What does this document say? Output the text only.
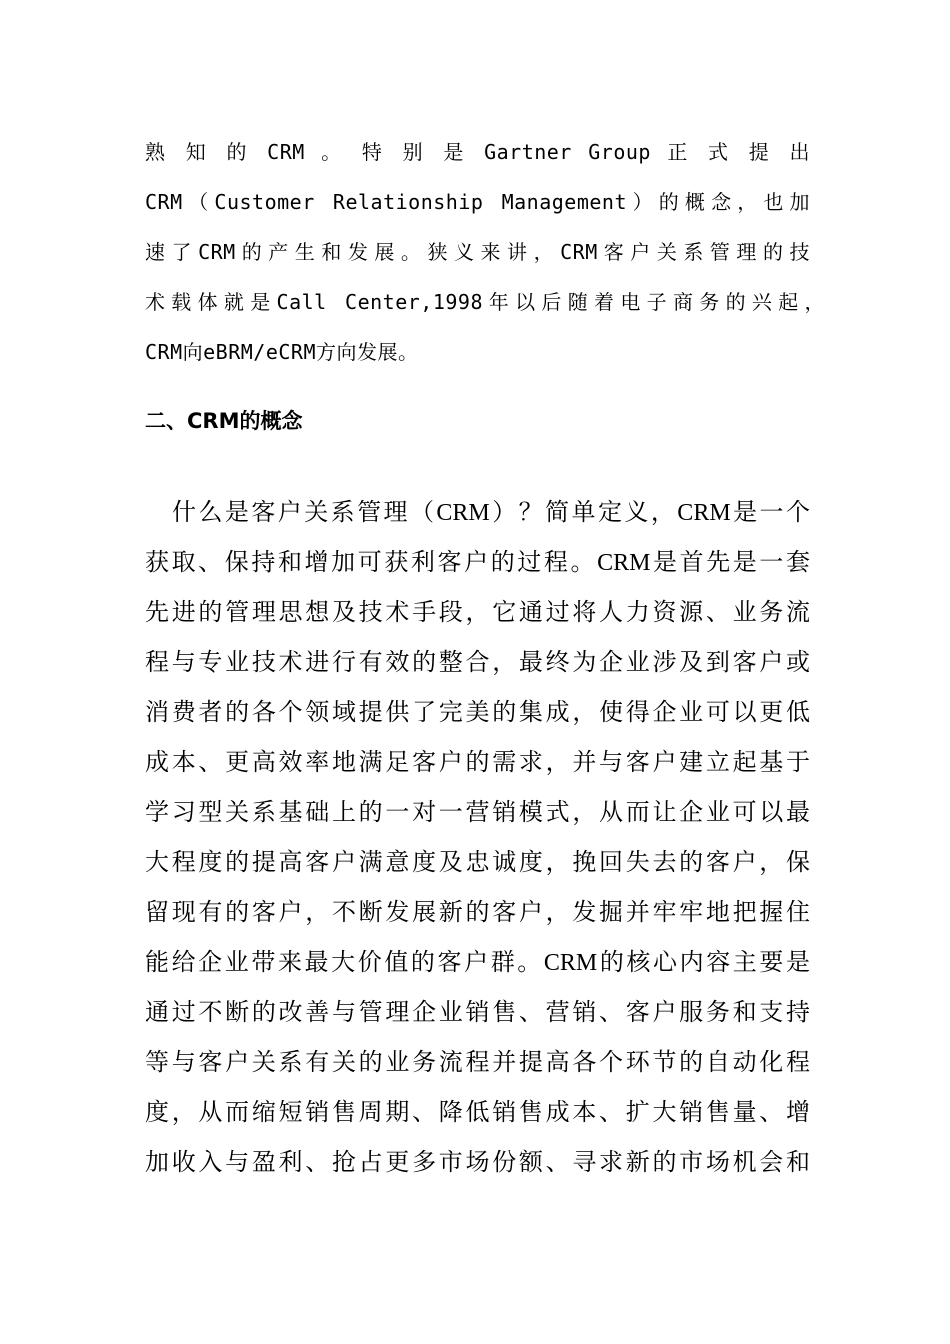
熟 知 的 CRM 。 特 别 是 Gartner Group 正 式 提 出
CRM（Customer Relationship Management）的概念，也加
速了CRM的产生和发展。狭义来讲，CRM客户关系管理的技
术载体就是Call Center,1998年以后随着电子商务的兴起，
CRM向eBRM/eCRM方向发展。
二、CRM的概念
什么是客户关系管理（CRM）？简单定义，CRM是一个
获取、保持和增加可获利客户的过程。CRM是首先是一套
先进的管理思想及技术手段，它通过将人力资源、业务流
程与专业技术进行有效的整合，最终为企业涉及到客户或
消费者的各个领域提供了完美的集成，使得企业可以更低
成本、更高效率地满足客户的需求，并与客户建立起基于
学习型关系基础上的一对一营销模式，从而让企业可以最
大程度的提高客户满意度及忠诚度，挽回失去的客户，保
留现有的客户，不断发展新的客户，发掘并牢牢地把握住
能给企业带来最大价值的客户群。CRM的核心内容主要是
通过不断的改善与管理企业销售、营销、客户服务和支持
等与客户关系有关的业务流程并提高各个环节的自动化程
度，从而缩短销售周期、降低销售成本、扩大销售量、增
加收入与盈利、抢占更多市场份额、寻求新的市场机会和
